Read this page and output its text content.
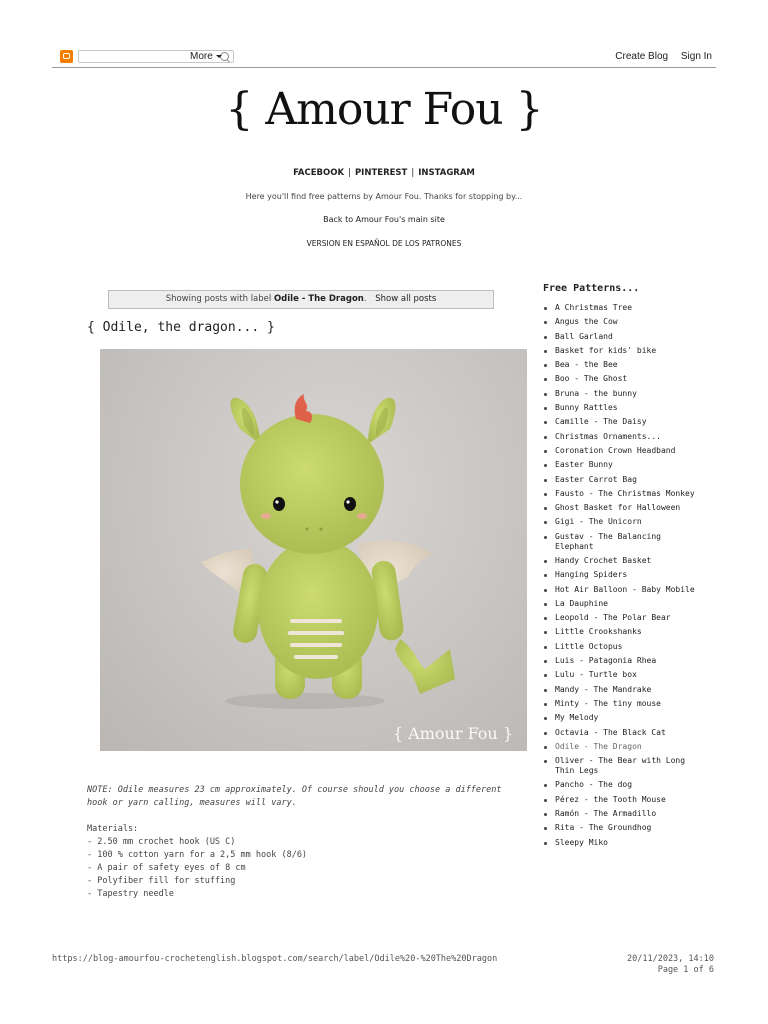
More	Create Blog Sign In
{ Amour Fou }
FACEBOOK | PINTEREST | INSTAGRAM
Here you'll find free patterns by Amour Fou. Thanks for stopping by...
Back to Amour Fou's main site
VERSION EN ESPAÑOL DE LOS PATRONES
Showing posts with label Odile - The Dragon. Show all posts
{ Odile, the dragon... }
{ Amour Fou }

NOTE: Odile measures 23 cm approximately. Of course should you choose a different hook or yarn calling, measures will vary.

Materials:

- 2.50 mm crochet hook (US C)
- 100 % cotton yarn for a 2,5 mm hook (8/6)
- A pair of safety eyes of 8 cm
- Polyfiber fill for stuffing
- Tapestry needle
Free Patterns...
A Christmas Tree
Angus the Cow
Ball Garland
Basket for kids' bike
Bea - the Bee
Boo - The Ghost
Bruna - the bunny
Bunny Rattles
Camille - The Daisy
Christmas Ornaments...
Coronation Crown Headband
Easter Bunny
Easter Carrot Bag
Fausto - The Christmas Monkey
Ghost Basket for Halloween
Gigi - The Unicorn
Gustav - The Balancing Elephant
Handy Crochet Basket
Hanging Spiders
Hot Air Balloon - Baby Mobile
La Dauphine
Leopold - The Polar Bear
Little Crookshanks
Little Octopus
Luis - Patagonia Rhea
Lulu - Turtle box
Mandy - The Mandrake
Minty - The tiny mouse
My Melody
Octavia - The Black Cat
Odile - The Dragon
Oliver - The Bear with Long Thin Legs
Pancho - The dog
Pérez - the Tooth Mouse
Ramón - The Armadillo
Rita - The Groundhog
Sleepy Miko
https://blog-amourfou-crochetenglish.blogspot.com/search/label/Odile%20-%20The%20Dragon	20/11/2023, 14:10
Page 1 of 6
